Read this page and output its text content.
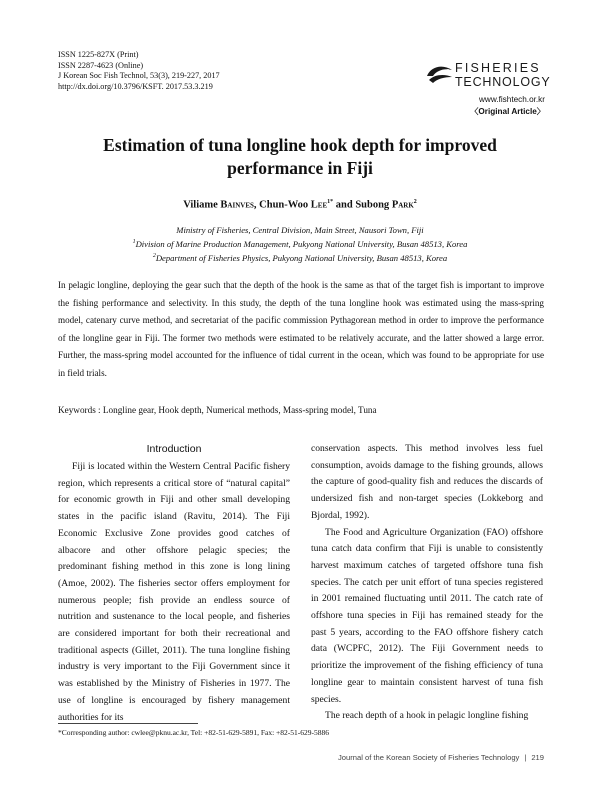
ISSN 1225-827X (Print)
ISSN 2287-4623 (Online)
J Korean Soc Fish Technol, 53(3), 219-227, 2017
http://dx.doi.org/10.3796/KSFT. 2017.53.3.219
FISHERIES
TECHNOLOGY
www.fishtech.or.kr
〈Original Article〉
Estimation of tuna longline hook depth for improved
performance in Fiji
Viliame Bainves, Chun-Woo Lee$^{1*}$ and Subong Park$^2$
Ministry of Fisheries, Central Division, Main Street, Nausori Town, Fiji
$^1$Division of Marine Production Management, Pukyong National University, Busan 48513, Korea
$^2$Department of Fisheries Physics, Pukyong National University, Busan 48513, Korea
In pelagic longline, deploying the gear such that the depth of the hook is the same as that of the target fish is important to improve the fishing performance and selectivity. In this study, the depth of the tuna longline hook was estimated using the mass-spring model, catenary curve method, and secretariat of the pacific commission Pythagorean method in order to improve the performance of the longline gear in Fiji. The former two methods were estimated to be relatively accurate, and the latter showed a large error. Further, the mass-spring model accounted for the influence of tidal current in the ocean, which was found to be appropriate for use in field trials.
Keywords : Longline gear, Hook depth, Numerical methods, Mass-spring model, Tuna
Introduction

Fiji is located within the Western Central Pacific fishery region, which represents a critical store of “natural capital” for economic growth in Fiji and other small developing states in the pacific island (Ravitu, 2014). The Fiji Economic Exclusive Zone provides good catches of albacore and other offshore pelagic species; the predominant fishing method in this zone is long lining (Amoe, 2002). The fisheries sector offers employment for numerous people; fish provide an endless source of nutrition and sustenance to the local people, and fisheries are considered important for both their recreational and traditional aspects (Gillet, 2011). The tuna longline fishing industry is very important to the Fiji Government since it was established by the Ministry of Fisheries in 1977. The use of longline is encouraged by fishery management authorities for its

conservation aspects. This method involves less fuel consumption, avoids damage to the fishing grounds, allows the capture of good-quality fish and reduces the discards of undersized fish and non-target species (Lokkeborg and Bjordal, 1992).

The Food and Agriculture Organization (FAO) offshore tuna catch data confirm that Fiji is unable to consistently harvest maximum catches of targeted offshore tuna fish species. The catch per unit effort of tuna species registered in 2001 remained fluctuating until 2011. The catch rate of offshore tuna species in Fiji has remained steady for the past 5 years, according to the FAO offshore fishery catch data (WCPFC, 2012). The Fiji Government needs to prioritize the improvement of the fishing efficiency of tuna longline gear to maintain consistent harvest of tuna fish species.

The reach depth of a hook in pelagic longline fishing

*Corresponding author: cwlee@pknu.ac.kr, Tel: +82-51-629-5891, Fax: +82-51-629-5886
Journal of the Korean Society of Fisheries Technology | 219
